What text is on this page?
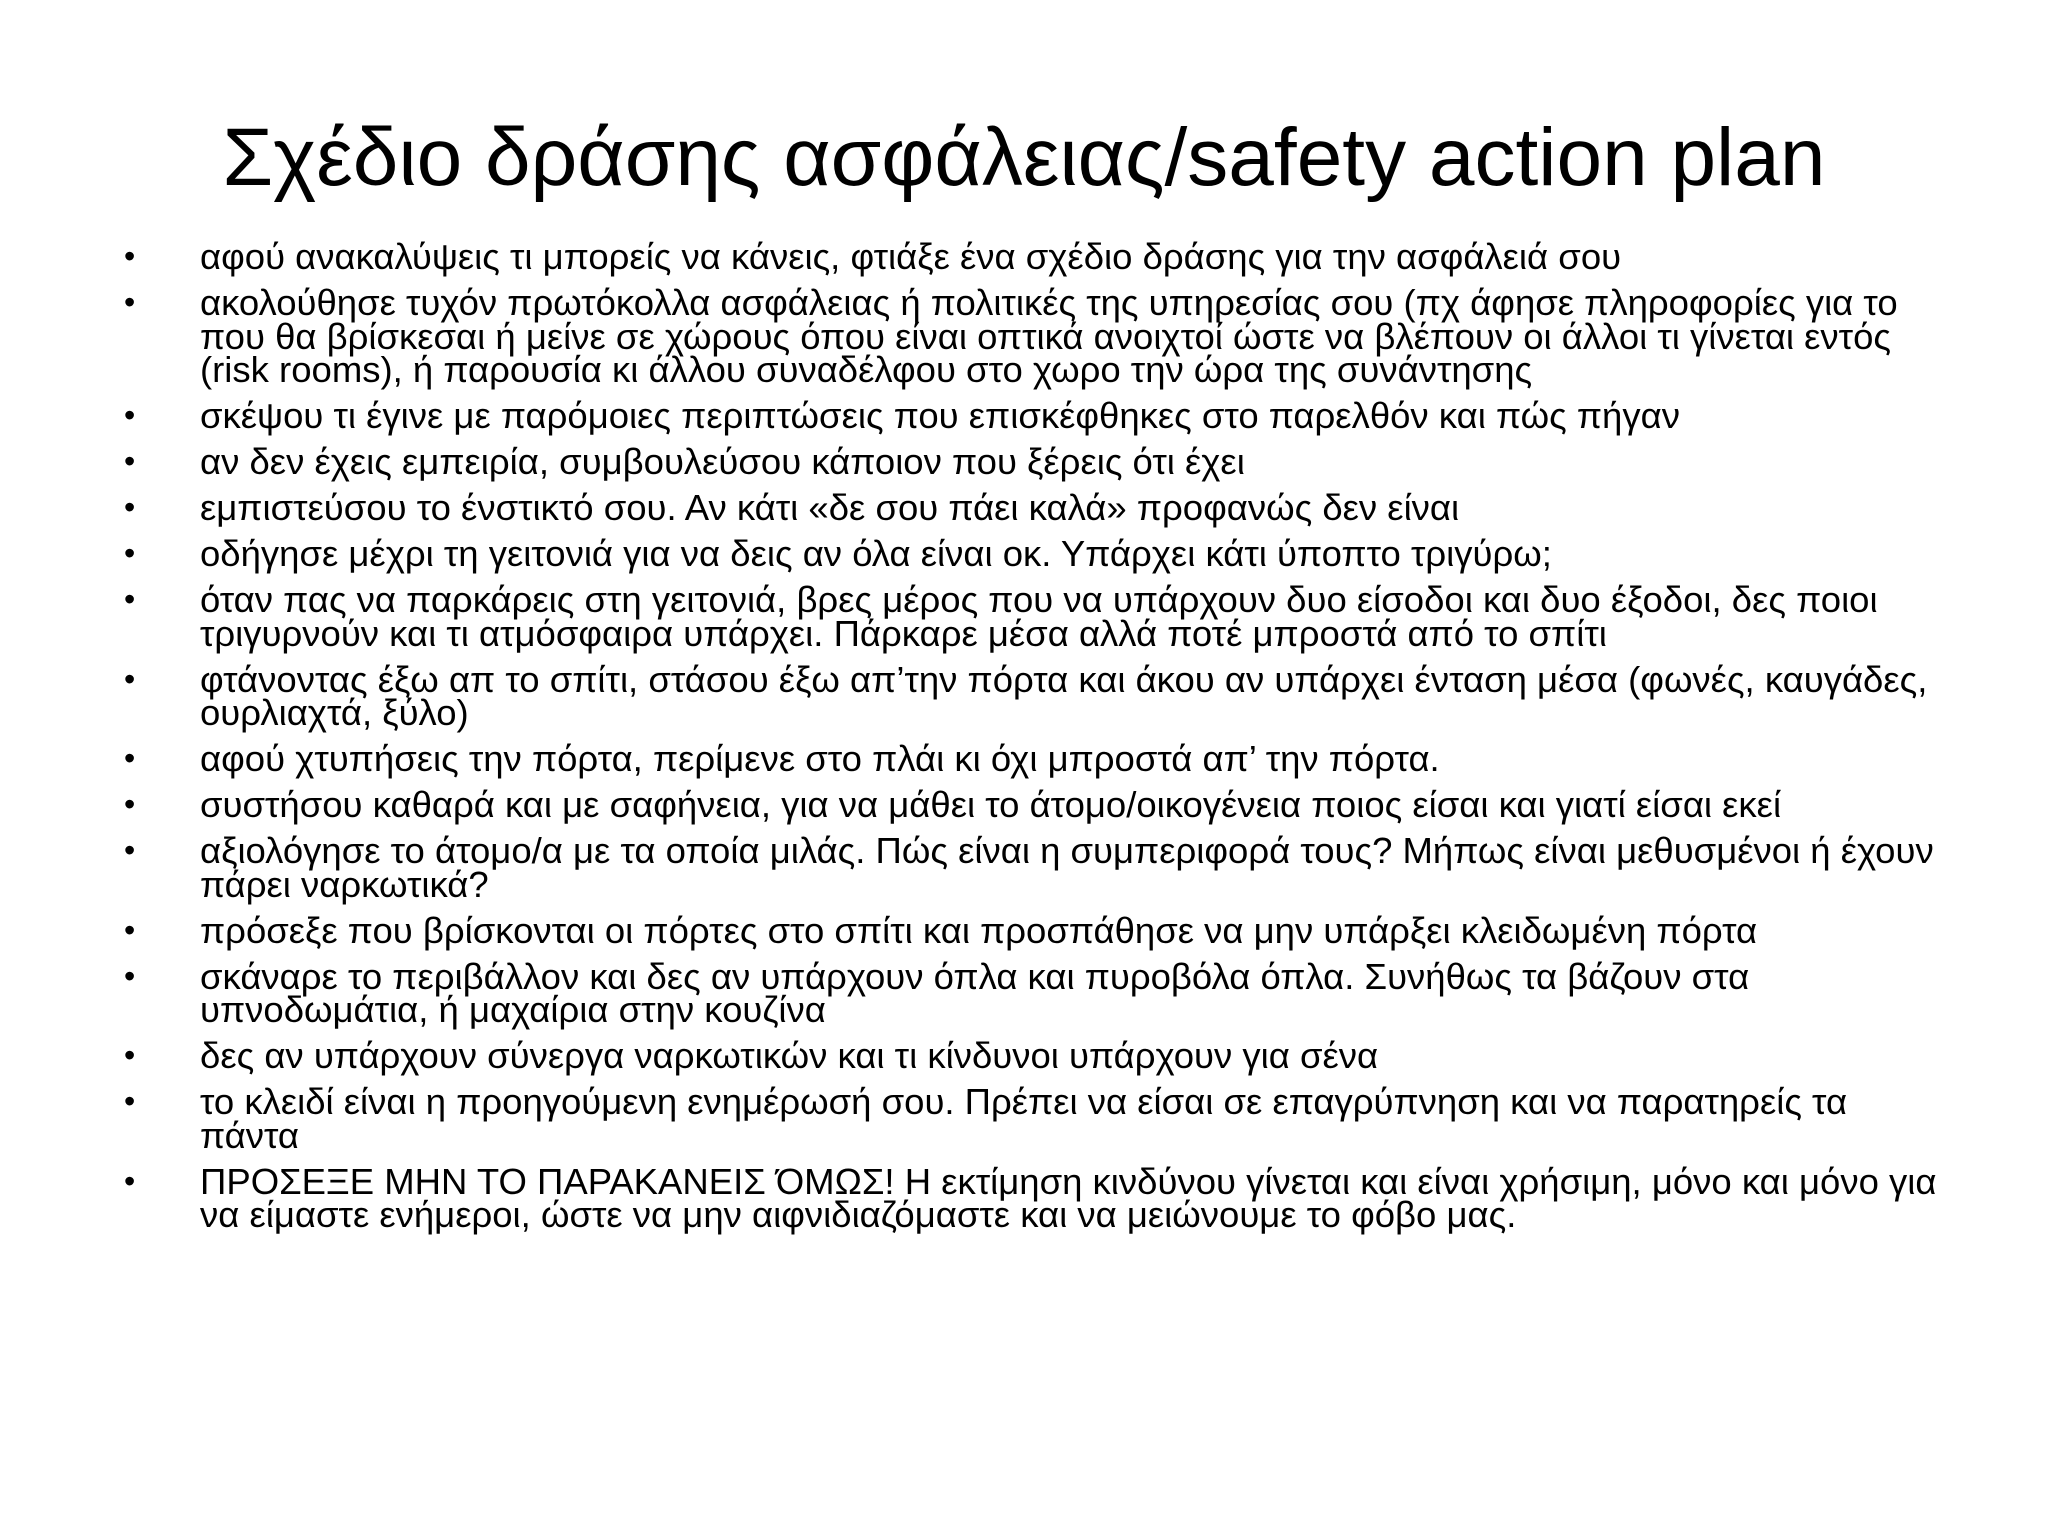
Σχέδιο δράσης ασφάλειας/safety action plan
• αφού ανακαλύψεις τι μπορείς να κάνεις, φτιάξε ένα σχέδιο δράσης για την ασφάλειά σου
• ακολούθησε τυχόν πρωτόκολλα ασφάλειας ή πολιτικές της υπηρεσίας σου (πχ άφησε πληροφορίες για το που θα βρίσκεσαι ή μείνε σε χώρους όπου είναι οπτικά ανοιχτοί ώστε να βλέπουν οι άλλοι τι γίνεται εντός (risk rooms), ή παρουσία κι άλλου συναδέλφου στο χωρο την ώρα της συνάντησης
• σκέψου τι έγινε με παρόμοιες περιπτώσεις που επισκέφθηκες στο παρελθόν και πώς πήγαν
• αν δεν έχεις εμπειρία, συμβουλεύσου κάποιον που ξέρεις ότι έχει
• εμπιστεύσου το ένστικτό σου. Αν κάτι «δε σου πάει καλά» προφανώς δεν είναι
• οδήγησε μέχρι τη γειτονιά για να δεις αν όλα είναι οκ. Υπάρχει κάτι ύποπτο τριγύρω;
• όταν πας να παρκάρεις στη γειτονιά, βρες μέρος που να υπάρχουν δυο είσοδοι και δυο έξοδοι, δες ποιοι τριγυρνούν και τι ατμόσφαιρα υπάρχει. Πάρκαρε μέσα αλλά ποτέ μπροστά από το σπίτι
• φτάνοντας έξω απ το σπίτι, στάσου έξω απ’την πόρτα και άκου αν υπάρχει ένταση μέσα (φωνές, καυγάδες, ουρλιαχτά, ξύλο)
• αφού χτυπήσεις την πόρτα, περίμενε στο πλάι κι όχι μπροστά απ’ την πόρτα.
• συστήσου καθαρά και με σαφήνεια, για να μάθει το άτομο/οικογένεια ποιος είσαι και γιατί είσαι εκεί
• αξιολόγησε το άτομο/α με τα οποία μιλάς. Πώς είναι η συμπεριφορά τους? Μήπως είναι μεθυσμένοι ή έχουν πάρει ναρκωτικά?
• πρόσεξε που βρίσκονται οι πόρτες στο σπίτι και προσπάθησε να μην υπάρξει κλειδωμένη πόρτα
• σκάναρε το περιβάλλον και δες αν υπάρχουν όπλα και πυροβόλα όπλα. Συνήθως τα βάζουν στα υπνοδωμάτια, ή μαχαίρια στην κουζίνα
• δες αν υπάρχουν σύνεργα ναρκωτικών και τι κίνδυνοι υπάρχουν για σένα
• το κλειδί είναι η προηγούμενη ενημέρωσή σου. Πρέπει να είσαι σε επαγρύπνηση και να παρατηρείς τα πάντα
• ΠΡΟΣΕΞΕ ΜΗΝ ΤΟ ΠΑΡΑΚΑΝΕΙΣ ΌΜΩΣ! Η εκτίμηση κινδύνου γίνεται και είναι χρήσιμη, μόνο και μόνο για να είμαστε ενήμεροι, ώστε να μην αιφνιδιαζόμαστε και να μειώνουμε το φόβο μας.
